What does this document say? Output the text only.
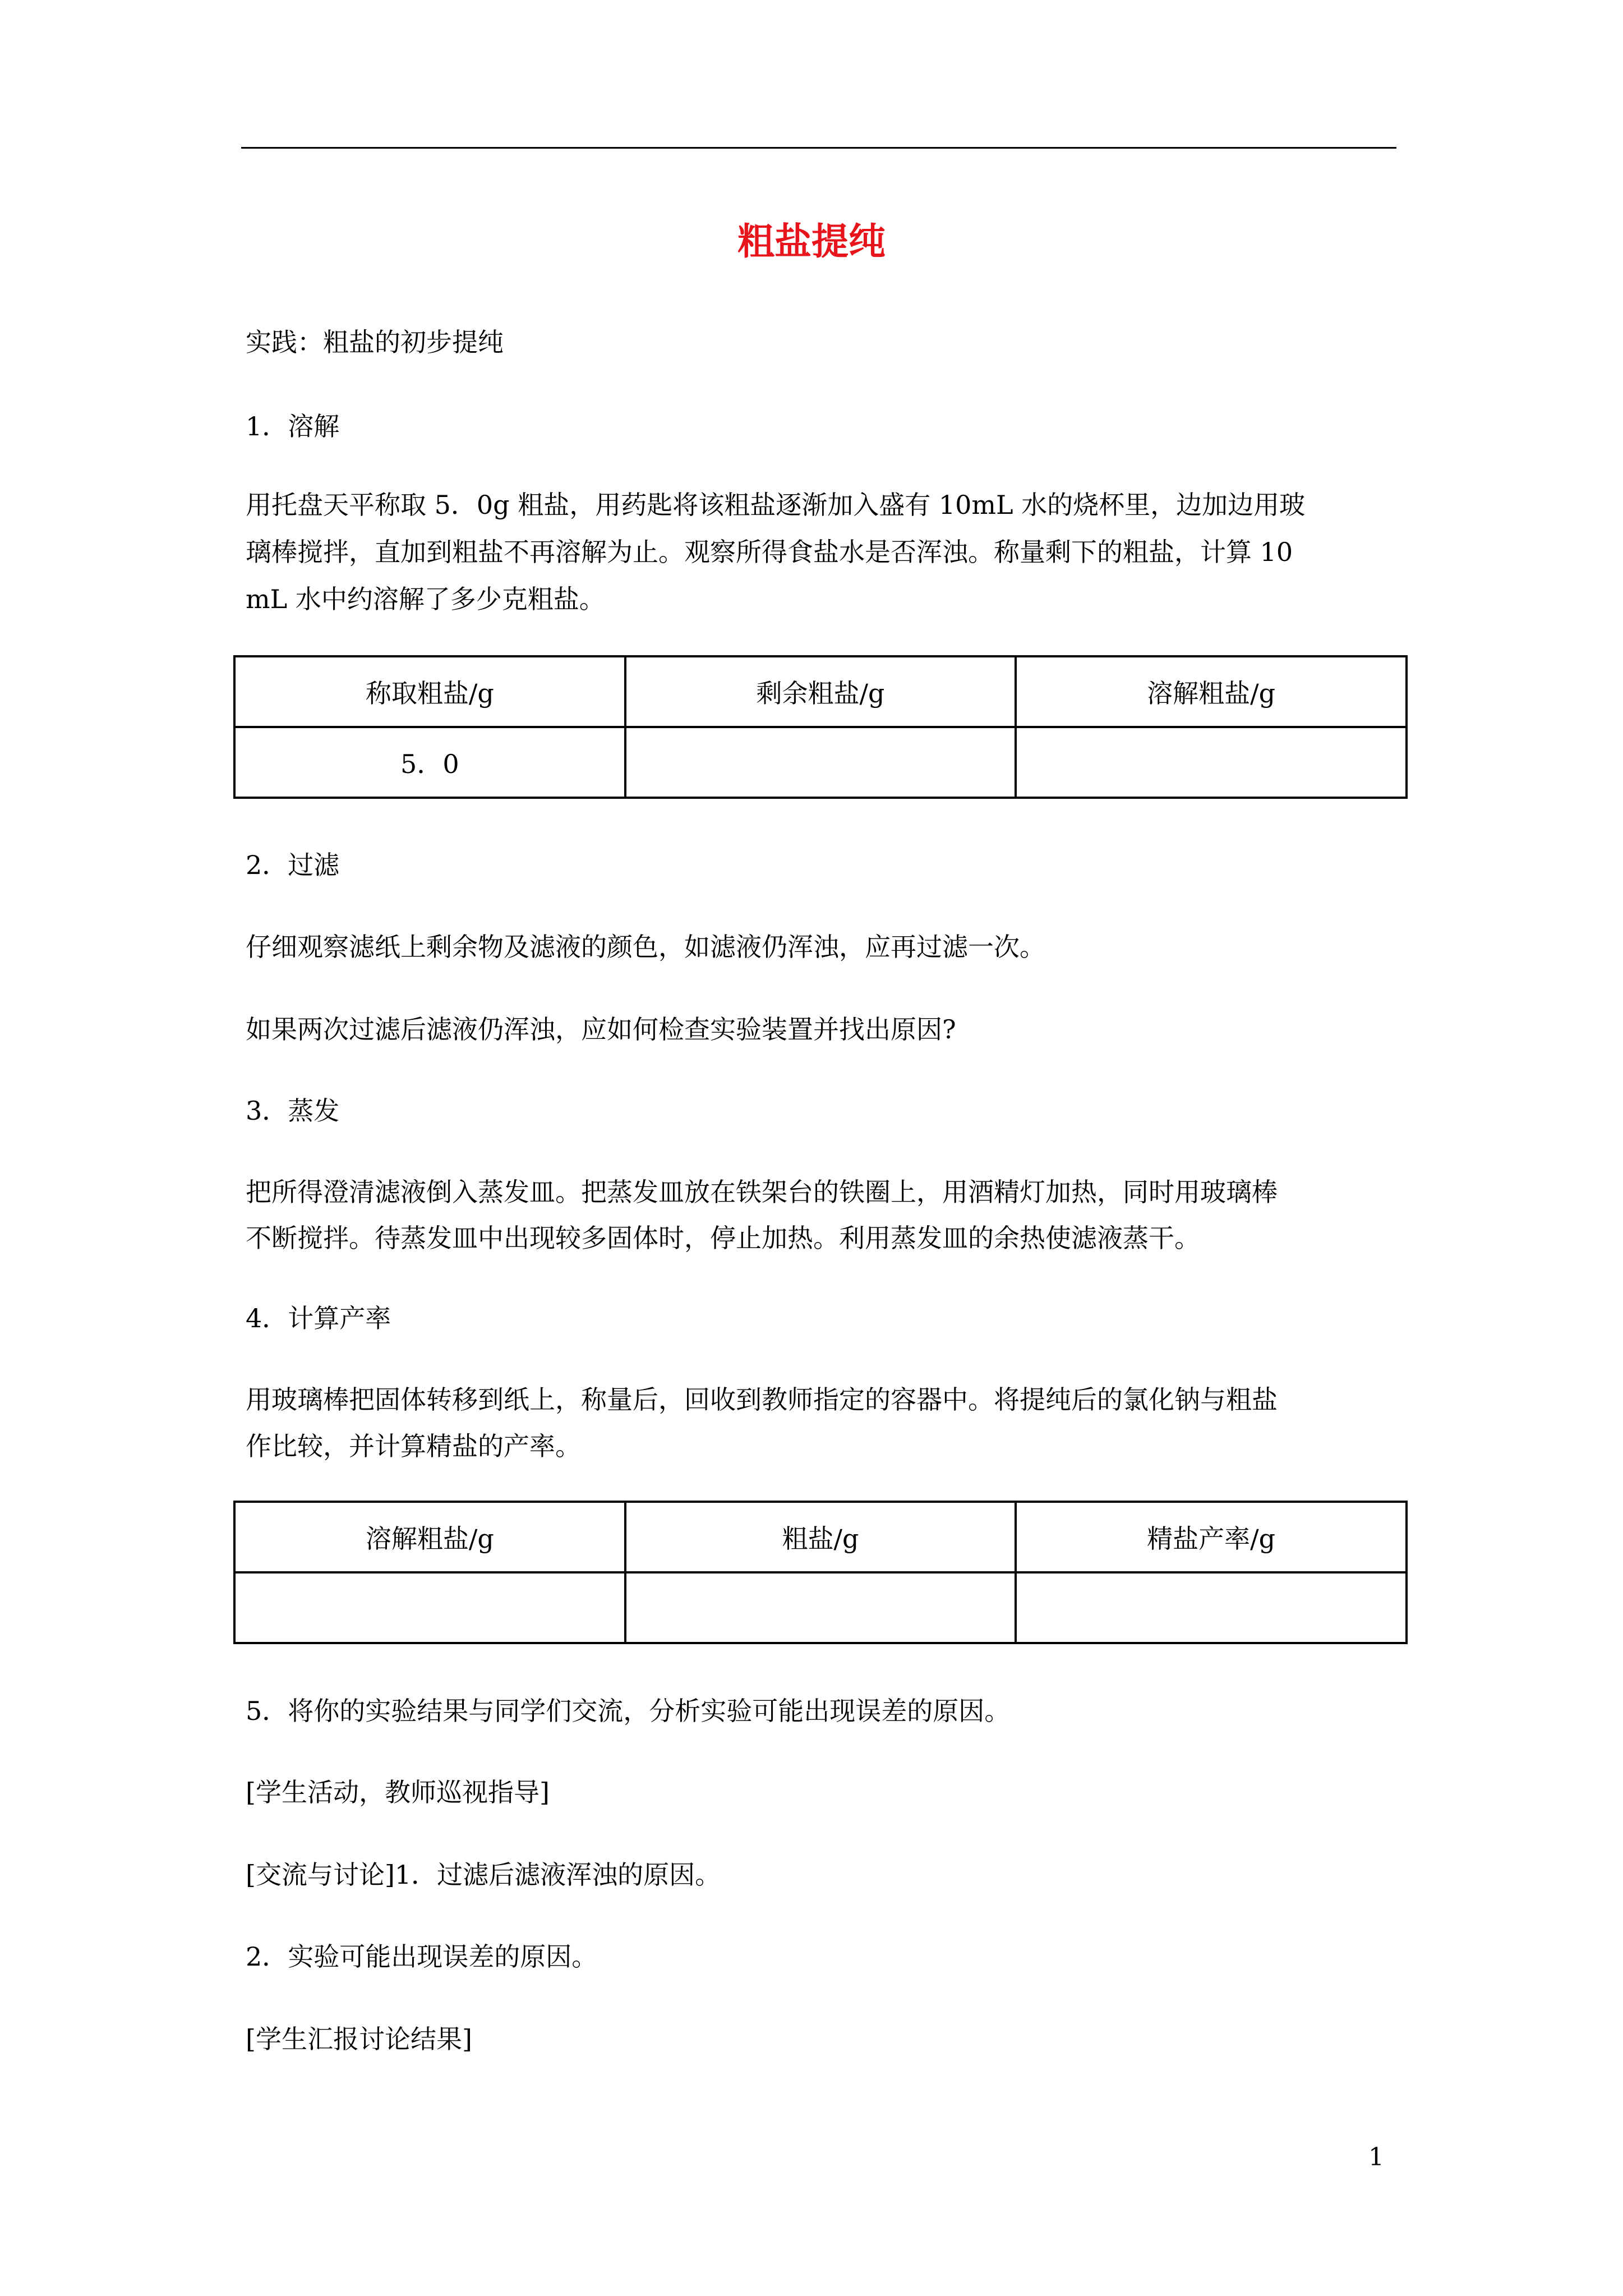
粗盐提纯
实践：粗盐的初步提纯
1．溶解
用托盘天平称取 5．0g 粗盐，用药匙将该粗盐逐渐加入盛有 10mL 水的烧杯里，边加边用玻
璃棒搅拌，直加到粗盐不再溶解为止。观察所得食盐水是否浑浊。称量剩下的粗盐，计算 10
mL 水中约溶解了多少克粗盐。
称取粗盐/g	剩余粗盐/g	溶解粗盐/g
5．0		
2．过滤
仔细观察滤纸上剩余物及滤液的颜色，如滤液仍浑浊，应再过滤一次。
如果两次过滤后滤液仍浑浊，应如何检查实验装置并找出原因?
3．蒸发
把所得澄清滤液倒入蒸发皿。把蒸发皿放在铁架台的铁圈上，用酒精灯加热，同时用玻璃棒
不断搅拌。待蒸发皿中出现较多固体时，停止加热。利用蒸发皿的余热使滤液蒸干。
4．计算产率
用玻璃棒把固体转移到纸上，称量后，回收到教师指定的容器中。将提纯后的氯化钠与粗盐
作比较，并计算精盐的产率。
溶解粗盐/g	粗盐/g	精盐产率/g

5．将你的实验结果与同学们交流，分析实验可能出现误差的原因。
[学生活动，教师巡视指导]
[交流与讨论]1．过滤后滤液浑浊的原因。
2．实验可能出现误差的原因。
[学生汇报讨论结果]
1
